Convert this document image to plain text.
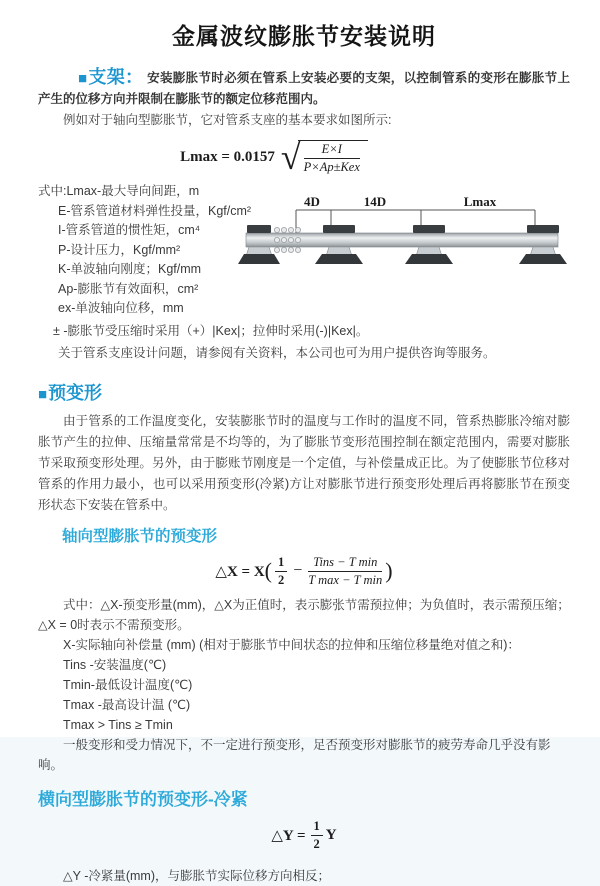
金属波纹膨胀节安装说明

■支架： 安装膨胀节时必须在管系上安装必要的支架，以控制管系的变形在膨胀节上产生的位移方向并限制在膨胀节的额定位移范围内。

例如对于轴向型膨胀节，它对管系支座的基本要求如图所示:

Lmax = 0.0157 √
$\frac{E\times I}{\text{P×Ap±Kex}}$

式中:Lmax-最大导向间距，m

E-管系管道材料弹性投量，Kgf/cm²

I-管系管道的惯性矩，cm⁴

P-设计压力，Kgf/mm²

K-单波轴向刚度；Kgf/mm

Ap-膨胀节有效面积，cm²

ex-单波轴向位移，mm

± -膨胀节受压缩时采用（+）|Kex|；拉伸时采用(-)|Kex|。

关于管系支座设计问题，请参阅有关资料，本公司也可为用户提供咨询等服务。

4D	14D	Lmax
■预变形

由于管系的工作温度变化，安装膨胀节时的温度与工作时的温度不同，管系热膨胀冷缩对膨胀节产生的拉伸、压缩量常常是不均等的，为了膨胀节变形范围控制在额定范围内，需要对膨胀节采取预变形处理。另外，由于膨账节刚度是一个定值，与补偿量成正比。为了使膨胀节位移对管系的作用力最小，也可以采用预变形(冷紧)方让对膨胀节进行预变形处理后再将膨胀节在预变形状态下安装在管系中。

轴向型膨胀节的预变形
△X = X ( $\frac{1}{2} - \frac{\text{Tins − T min}}{\text{T max − T min}}$ )

式中：△X-预变形量(mm)，△X为正值时，表示膨张节需预拉伸；为负值时，表示需预压缩；△X = 0时表示不需预变形。

X-实际轴向补偿量 (mm) (相对于膨胀节中间状态的拉伸和压缩位移量绝对值之和)：

Tins -安装温度(℃)

Tmin-最低设计温度(℃)

Tmax -最高设计温 (℃)

Tmax > Tins ≥ Tmin

一般变形和受力情况下，不一定进行预变形，足否预变形对膨胀节的疲劳寿命几乎没有影响。

横向型膨胀节的预变形-冷紧
△Y = $\frac{1}{2}$ Y

△Y -冷紧量(mm)，与膨胀节实际位移方向相反；
